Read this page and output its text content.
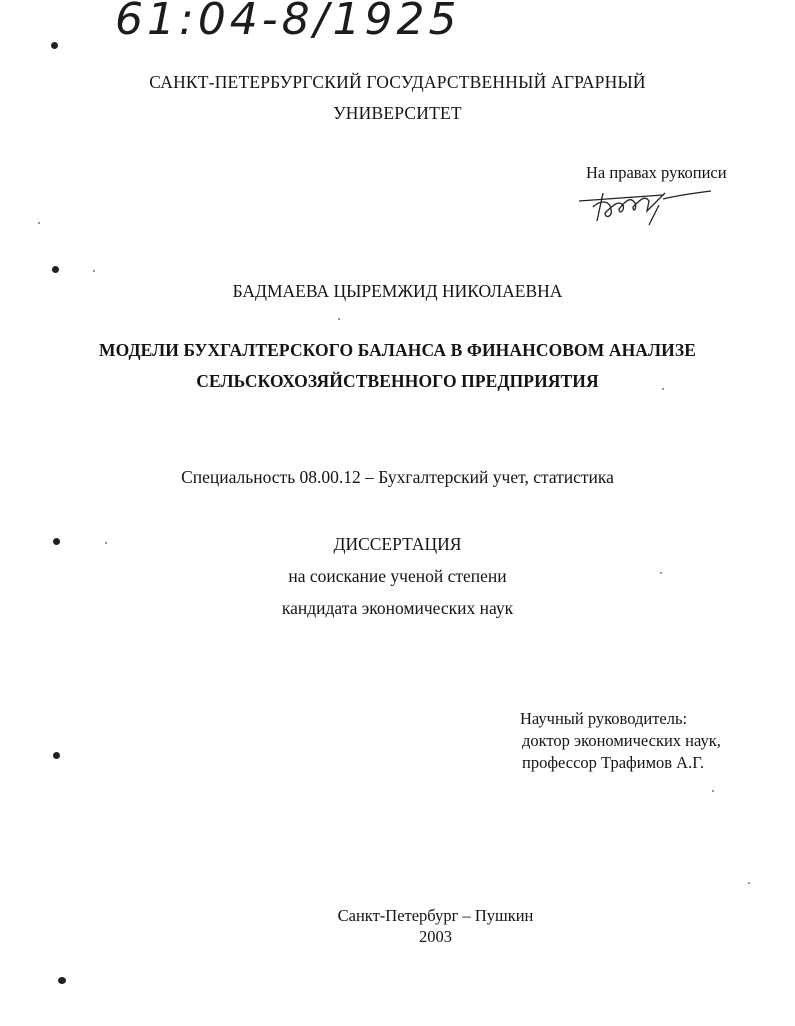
61:04-8/1925
САНКТ-ПЕТЕРБУРГСКИЙ ГОСУДАРСТВЕННЫЙ АГРАРНЫЙ
УНИВЕРСИТЕТ
На правах рукописи
БАДМАЕВА ЦЫРЕМЖИД НИКОЛАЕВНА
МОДЕЛИ БУХГАЛТЕРСКОГО БАЛАНСА В ФИНАНСОВОМ АНАЛИЗЕ
СЕЛЬСКОХОЗЯЙСТВЕННОГО ПРЕДПРИЯТИЯ
Специальность 08.00.12 – Бухгалтерский учет, статистика
ДИССЕРТАЦИЯ
на соискание ученой степени
кандидата экономических наук
Научный руководитель:
доктор экономических наук,
профессор Трафимов А.Г.
Санкт-Петербург – Пушкин
2003
